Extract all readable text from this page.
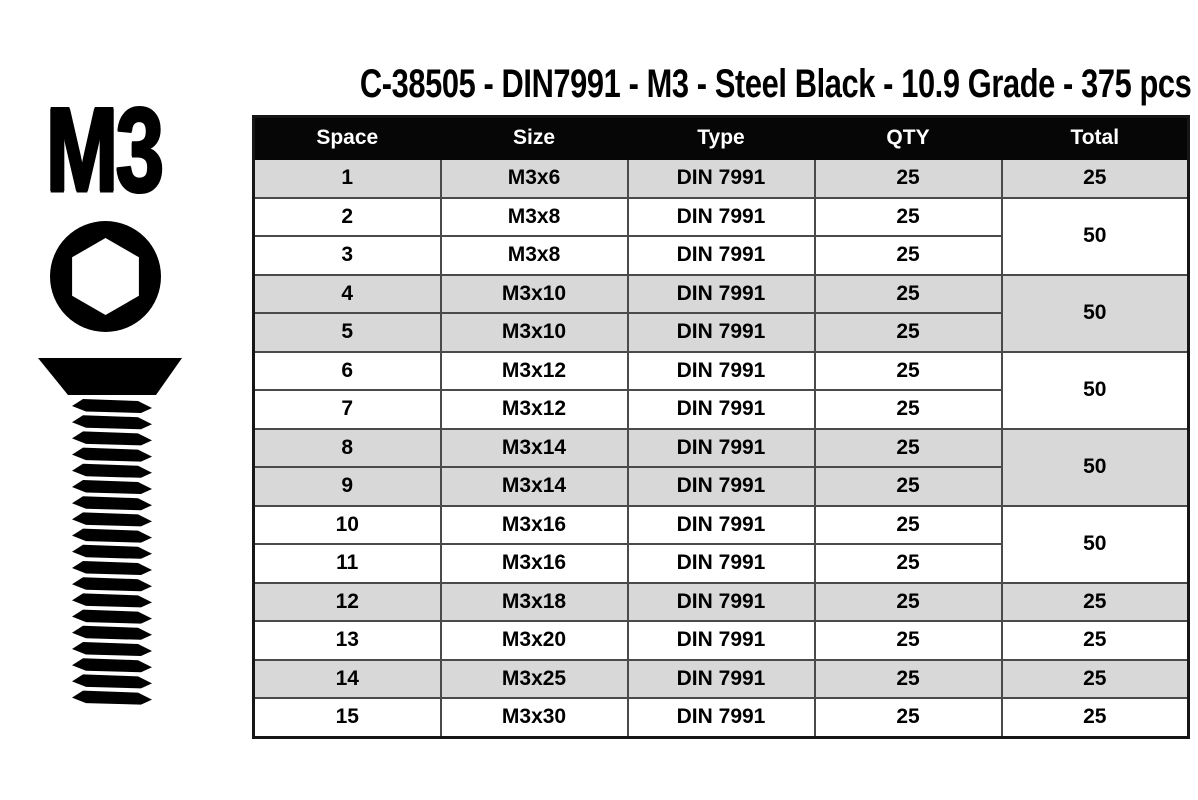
M3	C-38505 - DIN7991 - M3 - Steel Black - 10.9 Grade - 375 pcs
Space	Size	Type	QTY	Total
1	M3x6	DIN 7991	25	25
2	M3x8	DIN 7991	25	50
3	M3x8	DIN 7991	25	
4	M3x10	DIN 7991	25	50
5	M3x10	DIN 7991	25	
6	M3x12	DIN 7991	25	50
7	M3x12	DIN 7991	25	
8	M3x14	DIN 7991	25	50
9	M3x14	DIN 7991	25	
10	M3x16	DIN 7991	25	50
11	M3x16	DIN 7991	25	
12	M3x18	DIN 7991	25	25
13	M3x20	DIN 7991	25	25
14	M3x25	DIN 7991	25	25
15	M3x30	DIN 7991	25	25
